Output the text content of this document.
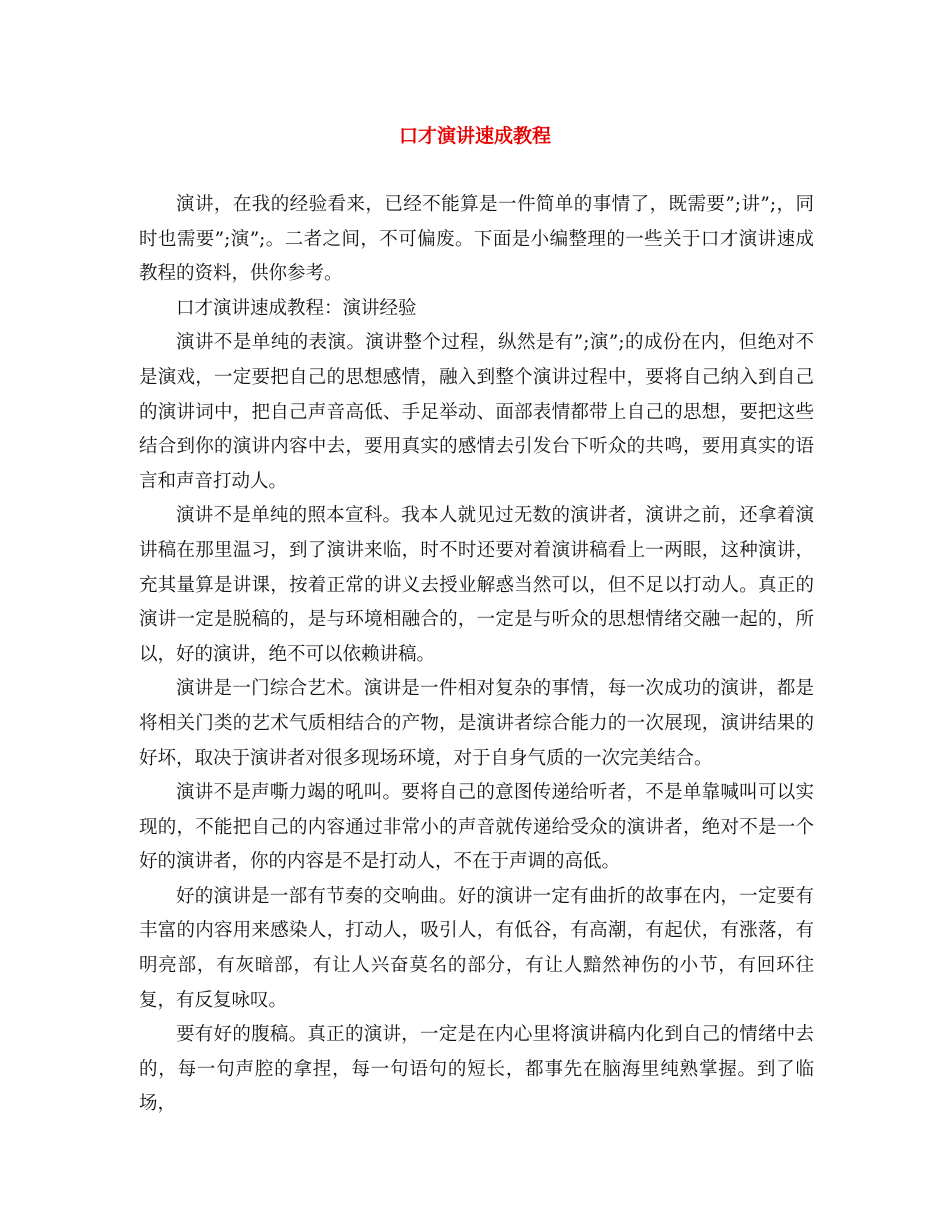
口才演讲速成教程

演讲，在我的经验看来，已经不能算是一件简单的事情了，既需要”;讲”;，同时也需要”;演”;。二者之间，不可偏废。下面是小编整理的一些关于口才演讲速成教程的资料，供你参考。

口才演讲速成教程：演讲经验

演讲不是单纯的表演。演讲整个过程，纵然是有”;演”;的成份在内，但绝对不是演戏，一定要把自己的思想感情，融入到整个演讲过程中，要将自己纳入到自己的演讲词中，把自己声音高低、手足举动、面部表情都带上自己的思想，要把这些结合到你的演讲内容中去，要用真实的感情去引发台下听众的共鸣，要用真实的语言和声音打动人。

演讲不是单纯的照本宣科。我本人就见过无数的演讲者，演讲之前，还拿着演讲稿在那里温习，到了演讲来临，时不时还要对着演讲稿看上一两眼，这种演讲，充其量算是讲课，按着正常的讲义去授业解惑当然可以，但不足以打动人。真正的演讲一定是脱稿的，是与环境相融合的，一定是与听众的思想情绪交融一起的，所以，好的演讲，绝不可以依赖讲稿。

演讲是一门综合艺术。演讲是一件相对复杂的事情，每一次成功的演讲，都是将相关门类的艺术气质相结合的产物，是演讲者综合能力的一次展现，演讲结果的好坏，取决于演讲者对很多现场环境，对于自身气质的一次完美结合。

演讲不是声嘶力竭的吼叫。要将自己的意图传递给听者，不是单靠喊叫可以实现的，不能把自己的内容通过非常小的声音就传递给受众的演讲者，绝对不是一个好的演讲者，你的内容是不是打动人，不在于声调的高低。

好的演讲是一部有节奏的交响曲。好的演讲一定有曲折的故事在内，一定要有丰富的内容用来感染人，打动人，吸引人，有低谷，有高潮，有起伏，有涨落，有明亮部，有灰暗部，有让人兴奋莫名的部分，有让人黯然神伤的小节，有回环往复，有反复咏叹。

要有好的腹稿。真正的演讲，一定是在内心里将演讲稿内化到自己的情绪中去的，每一句声腔的拿捏，每一句语句的短长，都事先在脑海里纯熟掌握。到了临场，
